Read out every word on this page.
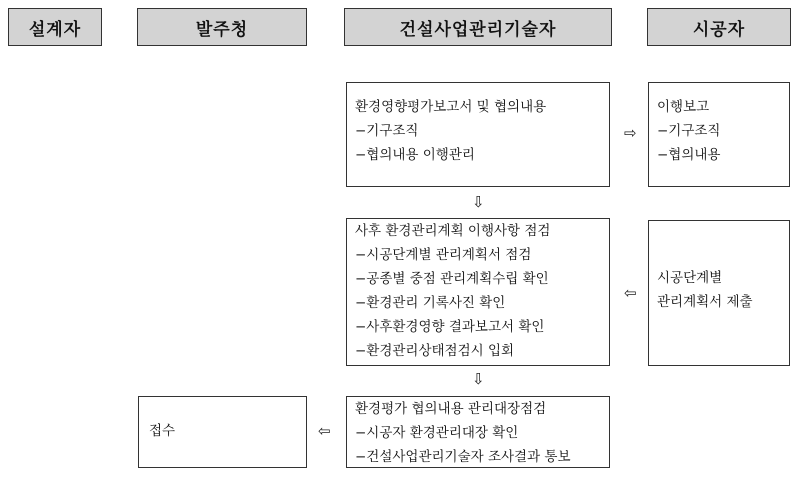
설계자	발주청	건설사업관리기술자	시공자
환경영향평가보고서 및 협의내용
−기구조직
−협의내용 이행관리
⇨
이행보고
−기구조직
−협의내용
⇩
사후 환경관리계획 이행사항 점검
−시공단계별 관리계획서 점검
−공종별 중점 관리계획수립 확인
−환경관리 기록사진 확인
−사후환경영향 결과보고서 확인
−환경관리상태점검시 입회
⇦
시공단계별
관리계획서 제출
⇩
접수	⇦
환경평가 협의내용 관리대장점검
−시공자 환경관리대장 확인
−건설사업관리기술자 조사결과 통보
